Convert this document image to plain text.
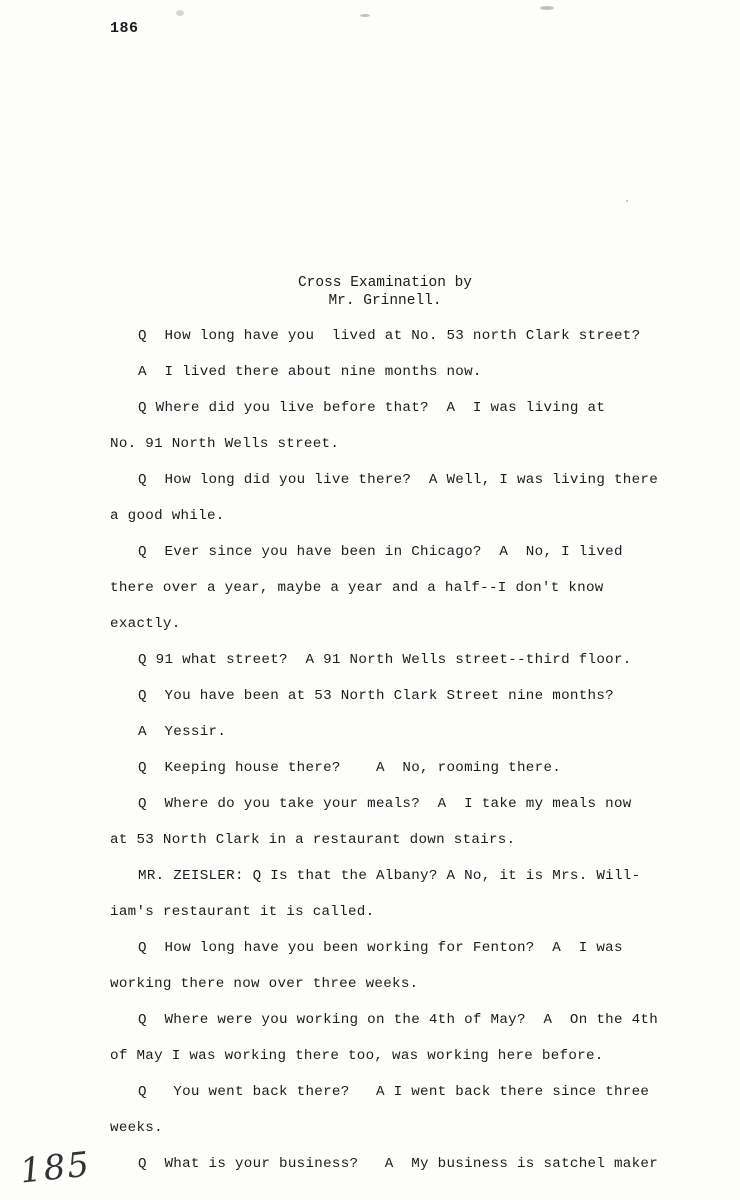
186
Cross Examination by
Mr. Grinnell.
Q  How long have you  lived at No. 53 north Clark street?
A  I lived there about nine months now.
Q Where did you live before that?  A  I was living at
No. 91 North Wells street.
Q  How long did you live there?  A Well, I was living there
a good while.
Q  Ever since you have been in Chicago?  A  No, I lived
there over a year, maybe a year and a half--I don't know
exactly.
Q 91 what street?  A 91 North Wells street--third floor.
Q  You have been at 53 North Clark Street nine months?
A  Yessir.
Q  Keeping house there?    A  No, rooming there.
Q  Where do you take your meals?  A  I take my meals now
at 53 North Clark in a restaurant down stairs.
MR. ZEISLER: Q Is that the Albany? A No, it is Mrs. Will-
iam's restaurant it is called.
Q  How long have you been working for Fenton?  A  I was
working there now over three weeks.
Q  Where were you working on the 4th of May?  A  On the 4th
of May I was working there too, was working here before.
Q   You went back there?   A I went back there since three
weeks.
Q  What is your business?   A  My business is satchel maker
185
